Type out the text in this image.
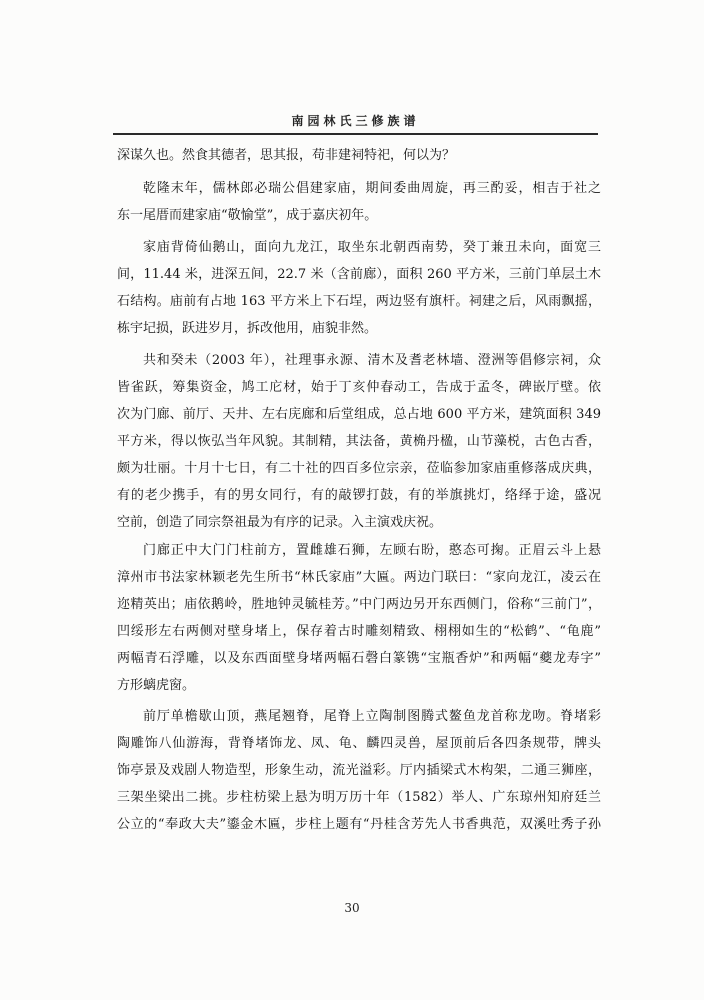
南园林氏三修族谱
深谋久也。然食其德者，思其报，苟非建祠特祀，何以为？
乾隆末年，儒林郎必瑞公倡建家庙，期间委曲周旋，再三酌妥，相吉于社之
东一尾厝而建家庙“敬愉堂”，成于嘉庆初年。
家庙背倚仙鹅山，面向九龙江，取坐东北朝西南势，癸丁兼丑未向，面宽三
间，11.44 米，进深五间，22.7 米（含前廊），面积 260 平方米，三前门单层土木
石结构。庙前有占地 163 平方米上下石埕，两边竖有旗杆。祠建之后，风雨飘摇，
栋宇圮损，跃进岁月，拆改他用，庙貌非然。
共和癸未（2003 年），社理事永源、清木及耆老林墙、澄洲等倡修宗祠，众
皆雀跃，筹集资金，鸠工庀材，始于丁亥仲春动工，告成于孟冬，碑嵌厅壁。依
次为门廊、前厅、天井、左右庑廊和后堂组成，总占地 600 平方米，建筑面积 349
平方米，得以恢弘当年风貌。其制精，其法备，黄桷丹楹，山节藻棁，古色古香，
颇为壮丽。十月十七日，有二十社的四百多位宗亲，莅临参加家庙重修落成庆典，
有的老少携手，有的男女同行，有的敲锣打鼓，有的举旗挑灯，络绎于途，盛况
空前，创造了同宗祭祖最为有序的记录。入主演戏庆祝。
门廊正中大门门柱前方，置雌雄石狮，左顾右盼，憨态可掬。正眉云斗上悬
漳州市书法家林颖老先生所书“林氏家庙”大匾。两边门联曰：“家向龙江，凌云在
迩精英出；庙依鹅岭，胜地钟灵毓桂芳。”中门两边另开东西侧门，俗称“三前门”，
凹绥形左右两侧对壁身堵上，保存着古时雕刻精致、栩栩如生的“松鹤”、“龟鹿”
两幅青石浮雕，以及东西面壁身堵两幅石磬白篆镌“宝瓶香炉”和两幅“夔龙寿字”
方形螭虎窗。
前厅单檐歇山顶，燕尾翘脊，尾脊上立陶制图腾式鳌鱼龙首称龙吻。脊堵彩
陶雕饰八仙游海，背脊堵饰龙、凤、龟、麟四灵兽，屋顶前后各四条规带，牌头
饰亭景及戏剧人物造型，形象生动，流光溢彩。厅内插梁式木构架，二通三狮座，
三架坐梁出二挑。步柱枋梁上悬为明万历十年（1582）举人、广东琼州知府廷兰
公立的“奉政大夫”鎏金木匾，步柱上题有“丹桂含芳先人书香典范，双溪吐秀子孙
30
